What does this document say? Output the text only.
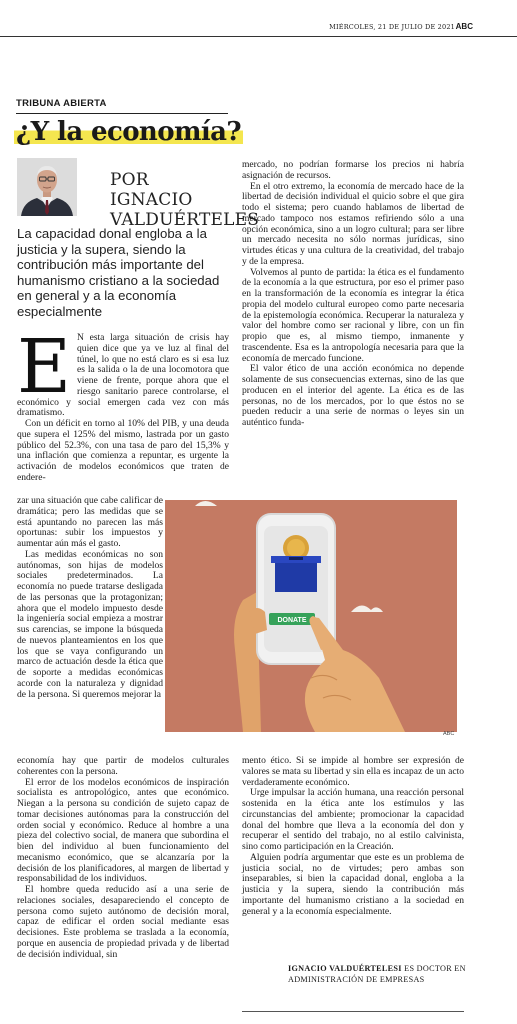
MIÉRCOLES, 21 DE JULIO DE 2021 ABC
TRIBUNA ABIERTA
¿Y la economía?
POR IGNACIO
VALDUÉRTELES
La capacidad donal engloba a la justicia y la supera, siendo la contribución más importante del humanismo cristiano a la sociedad en general y a la economía especialmente

E N esta larga situación de crisis hay quien dice que ya ve luz al final del túnel, lo que no está claro es si esa luz es la salida o la de una locomotora que viene de frente, porque ahora que el riesgo sanitario parece controlarse, el económico y social emergen cada vez con más dramatismo.

Con un déficit en torno al 10% del PIB, y una deuda que supera el 125% del mismo, lastrada por un gasto público del 52.3%, con una tasa de paro del 15,3% y una inflación que comienza a repuntar, es urgente la activación de modelos económicos que traten de endere-

zar una situación que cabe calificar de dramática; pero las medidas que se está apuntando no parecen las más oportunas: subir los impuestos y aumentar aún más el gasto.

Las medidas económicas no son autónomas, son hijas de modelos sociales predeterminados. La economía no puede tratarse desligada de las personas que la protagonizan; ahora que el modelo impuesto desde la ingeniería social empieza a mostrar sus carencias, se impone la búsqueda de nuevos planteamientos en los que los que se vaya configurando un marco de actuación desde la ética que de soporte a medidas económicas acorde con la naturaleza y dignidad de la persona. Si queremos mejorar la

economía hay que partir de modelos culturales coherentes con la persona.

El error de los modelos económicos de inspiración socialista es antropológico, antes que económico. Niegan a la persona su condición de sujeto capaz de tomar decisiones autónomas para la construcción del orden social y económico. Reduce al hombre a una pieza del colectivo social, de manera que subordina el bien del individuo al buen funcionamiento del mecanismo económico, que se alcanzaría por la decisión de los planificadores, al margen de libertad y responsabilidad de los individuos.

El hombre queda reducido así a una serie de relaciones sociales, desapareciendo el concepto de persona como sujeto autónomo de decisión moral, capaz de edificar el orden social mediante esas decisiones. Este problema se traslada a la economía, porque en ausencia de propiedad privada y de libertad de decisión individual, sin

mercado, no podrían formarse los precios ni habría asignación de recursos.

En el otro extremo, la economía de mercado hace de la libertad de decisión individual el quicio sobre el que gira todo el sistema; pero cuando hablamos de libertad de mercado tampoco nos estamos refiriendo sólo a una opción económica, sino a un logro cultural; para ser libre un mercado necesita no sólo normas jurídicas, sino virtudes éticas y una cultura de la creatividad, del trabajo y de la empresa.

Volvemos al punto de partida: la ética es el fundamento de la economía a la que estructura, por eso el primer paso en la transformación de la economía es integrar la ética propia del modelo cultural europeo como parte necesaria de la epistemología económica. Recuperar la naturaleza y valor del hombre como ser racional y libre, con un fin propio que es, al mismo tiempo, inmanente y trascendente. Esa es la antropología necesaria para que la economía de mercado funcione.

El valor ético de una acción económica no depende solamente de sus consecuencias externas, sino de las que producen en el interior del agente. La ética es de las personas, no de los mercados, por lo que éstos no se pueden reducir a una serie de normas o leyes sin un auténtico funda-

DONATE
ABC

mento ético. Si se impide al hombre ser expresión de valores se mata su libertad y sin ella es incapaz de un acto verdaderamente económico.

Urge impulsar la acción humana, una reacción personal sostenida en la ética ante los estímulos y las circunstancias del ambiente; promocionar la capacidad donal del hombre que lleva a la economía del don y recuperar el sentido del trabajo, no al estilo calvinista, sino como participación en la Creación.

Alguien podría argumentar que este es un problema de justicia social, no de virtudes; pero ambas son inseparables, si bien la capacidad donal, engloba a la justicia y la supera, siendo la contribución más importante del humanismo cristiano a la sociedad en general y a la economía especialmente.

IGNACIO VALDUÉRTELESI ES DOCTOR EN ADMINISTRACIÓN DE EMPRESAS
